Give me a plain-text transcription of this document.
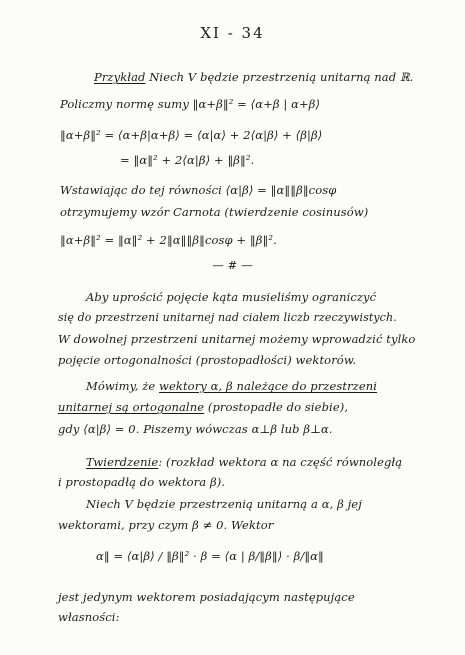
XI - 34
Przykład Niech V będzie przestrzenią unitarną nad ℝ.
Policzmy normę sumy ‖α+β‖² = ⟨α+β | α+β⟩
‖α+β‖² = ⟨α+β|α+β⟩ = ⟨α|α⟩ + 2⟨α|β⟩ + ⟨β|β⟩
= ‖α‖² + 2⟨α|β⟩ + ‖β‖².
Wstawiając do tej równości ⟨α|β⟩ = ‖α‖‖β‖cosφ
otrzymujemy wzór Carnota (twierdzenie cosinusów)
‖α+β‖² = ‖α‖² + 2‖α‖‖β‖cosφ + ‖β‖².
— # —
Aby uprościć pojęcie kąta musieliśmy ograniczyć
się do przestrzeni unitarnej nad ciałem liczb rzeczywistych.
W dowolnej przestrzeni unitarnej możemy wprowadzić tylko
pojęcie ortogonalności (prostopadłości) wektorów.
Mówimy, że wektory α, β należące do przestrzeni
unitarnej są ortogonalne (prostopadłe do siebie),
gdy ⟨α|β⟩ = 0. Piszemy wówczas α⊥β lub β⊥α.
Twierdzenie: (rozkład wektora α na część równoległą
i prostopadłą do wektora β).
Niech V będzie przestrzenią unitarną a α, β jej
wektorami, przy czym β ≠ 0. Wektor
α‖ = ⟨α|β⟩ / ‖β‖² · β = ⟨α | β/‖β‖⟩ · β/‖α‖
jest jedynym wektorem posiadającym następujące
własności:
